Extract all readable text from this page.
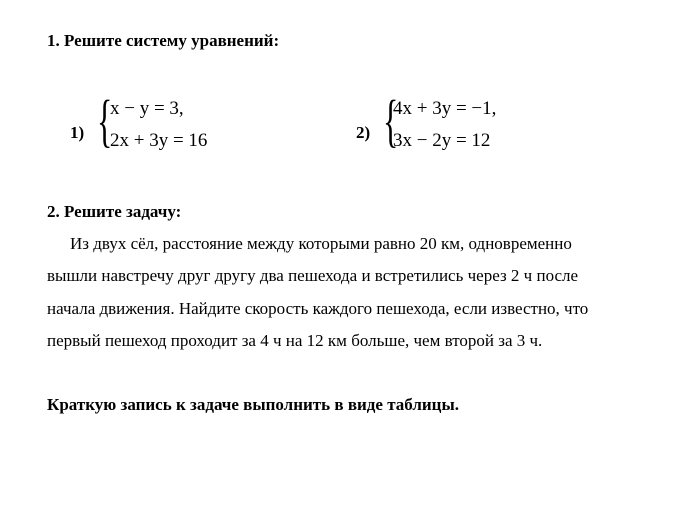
1. Решите систему уравнений:
1) {
x − y = 3,
2x + 3y = 16	2) {
4x + 3y = −1,
3x − 2y = 12
2. Решите задачу:
Из двух сёл, расстояние между которыми равно 20 км, одновременно
вышли навстречу друг другу два пешехода и встретились через 2 ч после
начала движения. Найдите скорость каждого пешехода, если известно, что
первый пешеход проходит за 4 ч на 12 км больше, чем второй за 3 ч.
Краткую запись к задаче выполнить в виде таблицы.
